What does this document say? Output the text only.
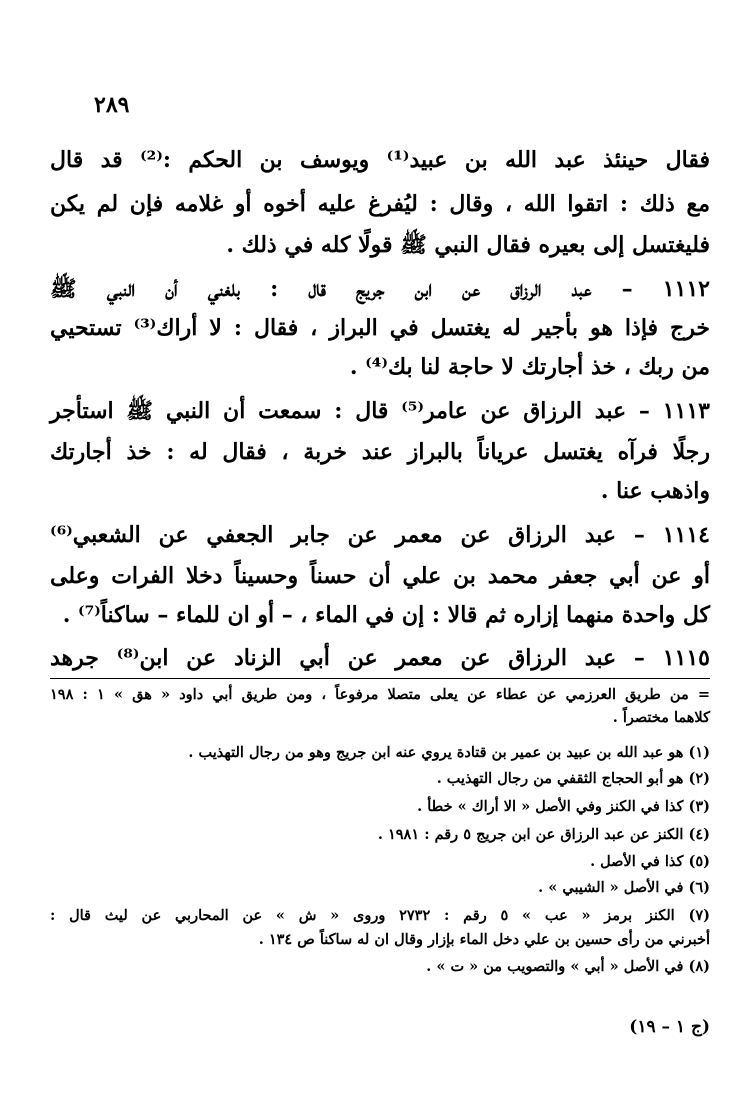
٢٨٩
فقال حينئذ عبد الله بن عبيد⁽¹⁾ ويوسف بن الحكم :⁽²⁾ قد قال
مع ذلك : اتقوا الله ، وقال : ليُفرغ عليه أخوه أو غلامه فإن لم يكن
فليغتسل إلى بعيره فقال النبي ﷺ قولًا كله في ذلك .
١١١٢ – عبد الرزاق عن ابن جريج قال : بلغني أن النبي ﷺ
خرج فإذا هو بأجير له يغتسل في البراز ، فقال : لا أراك⁽³⁾ تستحيي
من ربك ، خذ أجارتك لا حاجة لنا بك⁽⁴⁾ .
١١١٣ – عبد الرزاق عن عامر⁽⁵⁾ قال : سمعت أن النبي ﷺ استأجر
رجلًا فرآه يغتسل عرياناً بالبراز عند خربة ، فقال له : خذ أجارتك
واذهب عنا .
١١١٤ – عبد الرزاق عن معمر عن جابر الجعفي عن الشعبي⁽⁶⁾
أو عن أبي جعفر محمد بن علي أن حسناً وحسيناً دخلا الفرات وعلى
كل واحدة منهما إزاره ثم قالا : إن في الماء ، – أو ان للماء – ساكناً⁽⁷⁾ .
١١١٥ – عبد الرزاق عن معمر عن أبي الزناد عن ابن⁽⁸⁾ جرهد
= من طريق العرزمي عن عطاء عن يعلى متصلا مرفوعاً ، ومن طريق أبي داود « هق » ١ : ١٩٨
كلاهما مختصراً .
(١) هو عبد الله بن عبيد بن عمير بن قتادة يروي عنه ابن جريج وهو من رجال التهذيب .
(٢) هو أبو الحجاج الثقفي من رجال التهذيب .
(٣) كذا في الكنز وفي الأصل « الا أراك » خطأ .
(٤) الكنز عن عبد الرزاق عن ابن جريج ٥ رقم : ١٩٨١ .
(٥) كذا في الأصل .
(٦) في الأصل « الشيبي » .
(٧) الكنز برمز « عب » ٥ رقم : ٢٧٣٢ وروى « ش » عن المحاربي عن ليث قال :
أخبرني من رأى حسين بن علي دخل الماء بإزار وقال ان له ساكناً ص ١٣٤ .
(٨) في الأصل « أبي » والتصويب من « ت » .
(ج ١ – ١٩)
